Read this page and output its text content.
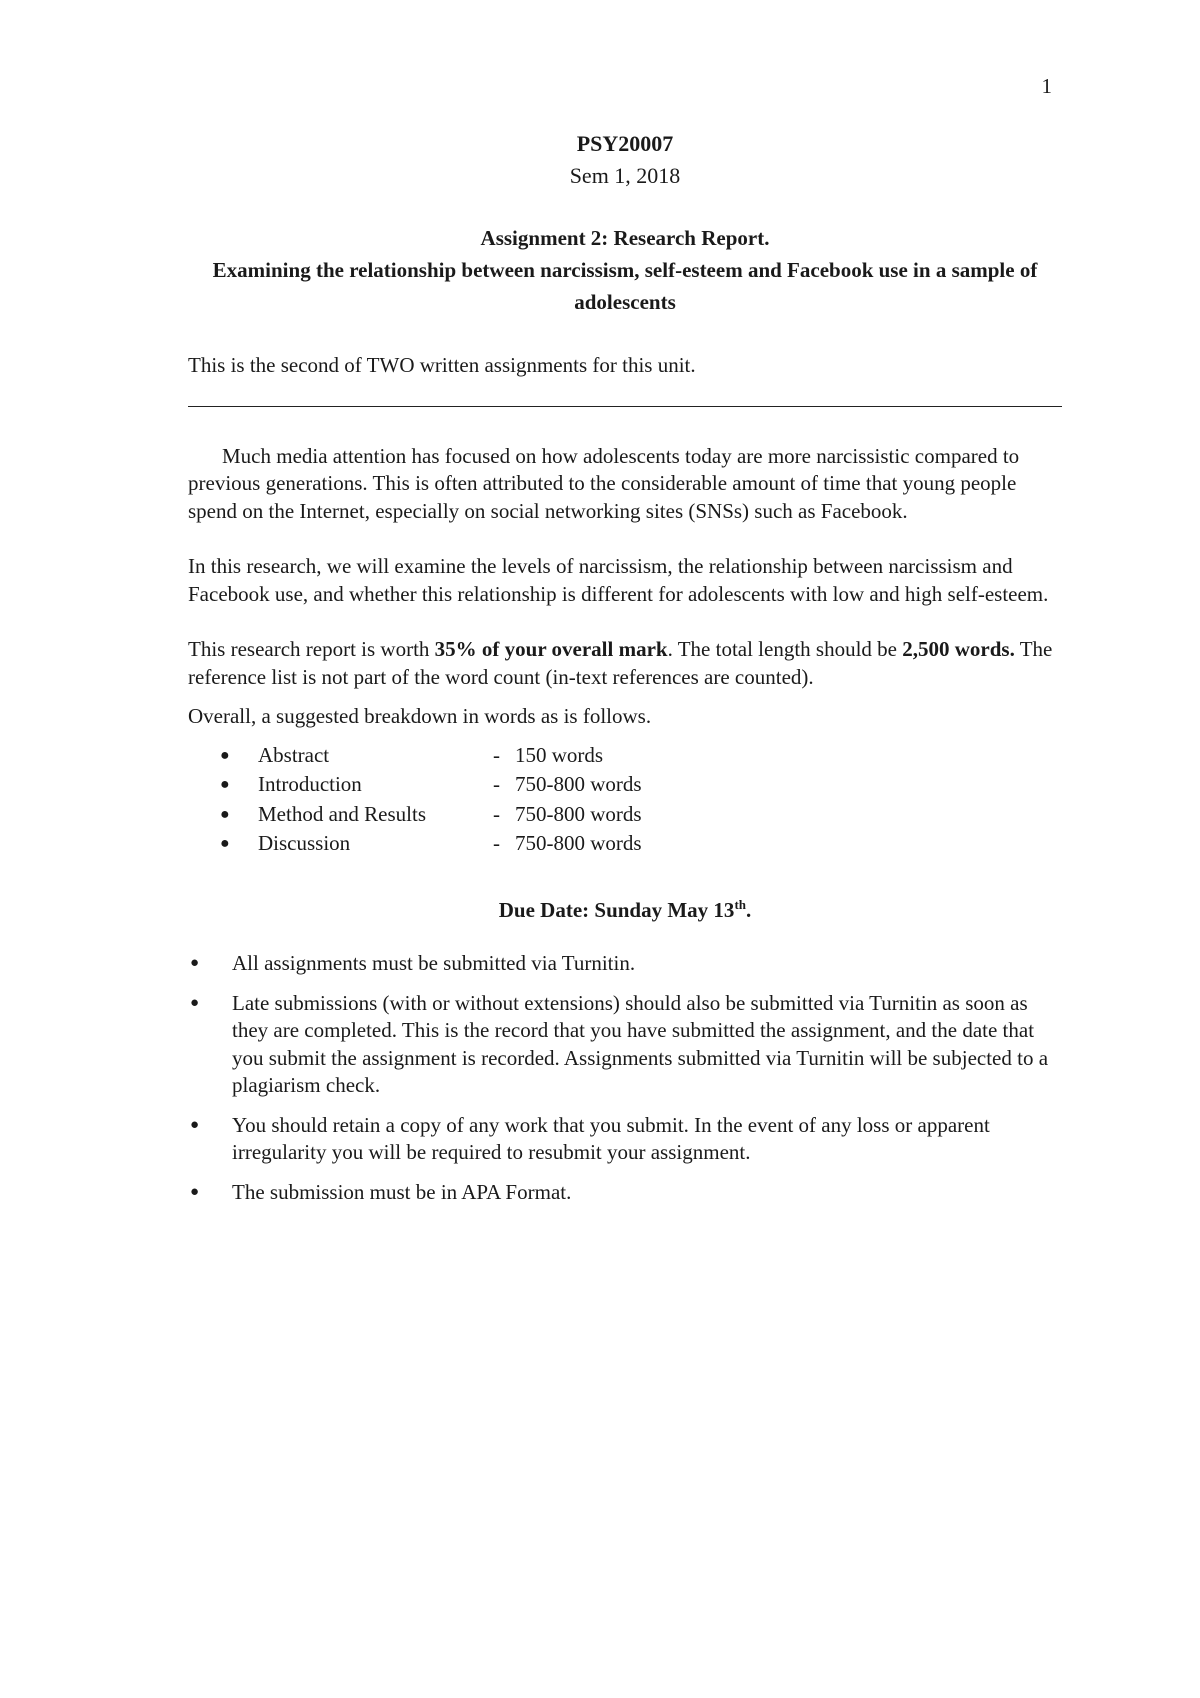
1
PSY20007
Sem 1, 2018
Assignment 2: Research Report.
Examining the relationship between narcissism, self-esteem and Facebook use in a sample of adolescents

This is the second of TWO written assignments for this unit.

Much media attention has focused on how adolescents today are more narcissistic compared to previous generations. This is often attributed to the considerable amount of time that young people spend on the Internet, especially on social networking sites (SNSs) such as Facebook.

In this research, we will examine the levels of narcissism, the relationship between narcissism and Facebook use, and whether this relationship is different for adolescents with low and high self-esteem.

This research report is worth 35% of your overall mark. The total length should be 2,500 words. The reference list is not part of the word count (in-text references are counted).

Overall, a suggested breakdown in words as is follows.

●	Abstract	- 150 words
●	Introduction	- 750-800 words
●	Method and Results	- 750-800 words
●	Discussion	- 750-800 words
Due Date: Sunday May 13th.
●	All assignments must be submitted via Turnitin.
●	Late submissions (with or without extensions) should also be submitted via Turnitin as soon as they are completed. This is the record that you have submitted the assignment, and the date that you submit the assignment is recorded. Assignments submitted via Turnitin will be subjected to a plagiarism check.
●	You should retain a copy of any work that you submit. In the event of any loss or apparent irregularity you will be required to resubmit your assignment.
●	The submission must be in APA Format.
